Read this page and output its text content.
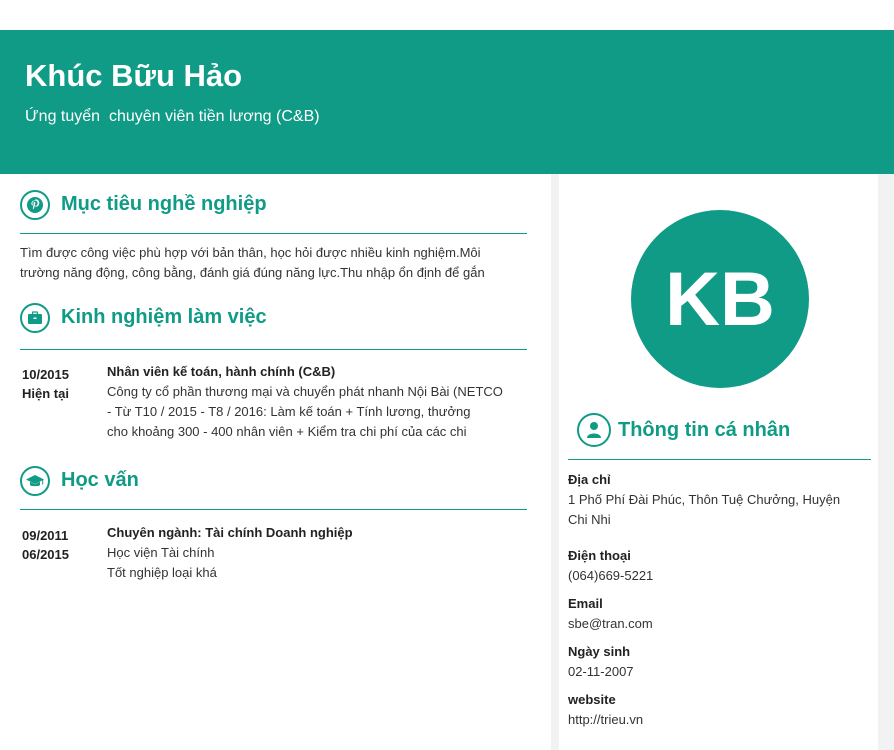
Khúc Bữu Hảo
Ứng tuyển  chuyên viên tiền lương (C&B)
Mục tiêu nghề nghiệp
Tìm được công việc phù hợp với bản thân, học hỏi được nhiều kinh nghiệm.Môi
trường năng động, công bằng, đánh giá đúng năng lực.Thu nhập ổn định để gắn
Kinh nghiệm làm việc
10/2015
Hiện tại
Nhân viên kế toán, hành chính (C&B)
Công ty cổ phần thương mại và chuyển phát nhanh Nội Bài (NETCO
- Từ T10 / 2015 - T8 / 2016: Làm kế toán + Tính lương, thưởng
cho khoảng 300 - 400 nhân viên + Kiểm tra chi phí của các chi
Học vấn
09/2011
06/2015
Chuyên ngành: Tài chính Doanh nghiệp
Học viện Tài chính
Tốt nghiệp loại khá
KB
Thông tin cá nhân
Địa chỉ
1 Phố Phí Đài Phúc, Thôn Tuệ Chưởng, Huyện
Chi Nhi
Điện thoại
(064)669-5221
Email
sbe@tran.com
Ngày sinh
02-11-2007
website
http://trieu.vn
